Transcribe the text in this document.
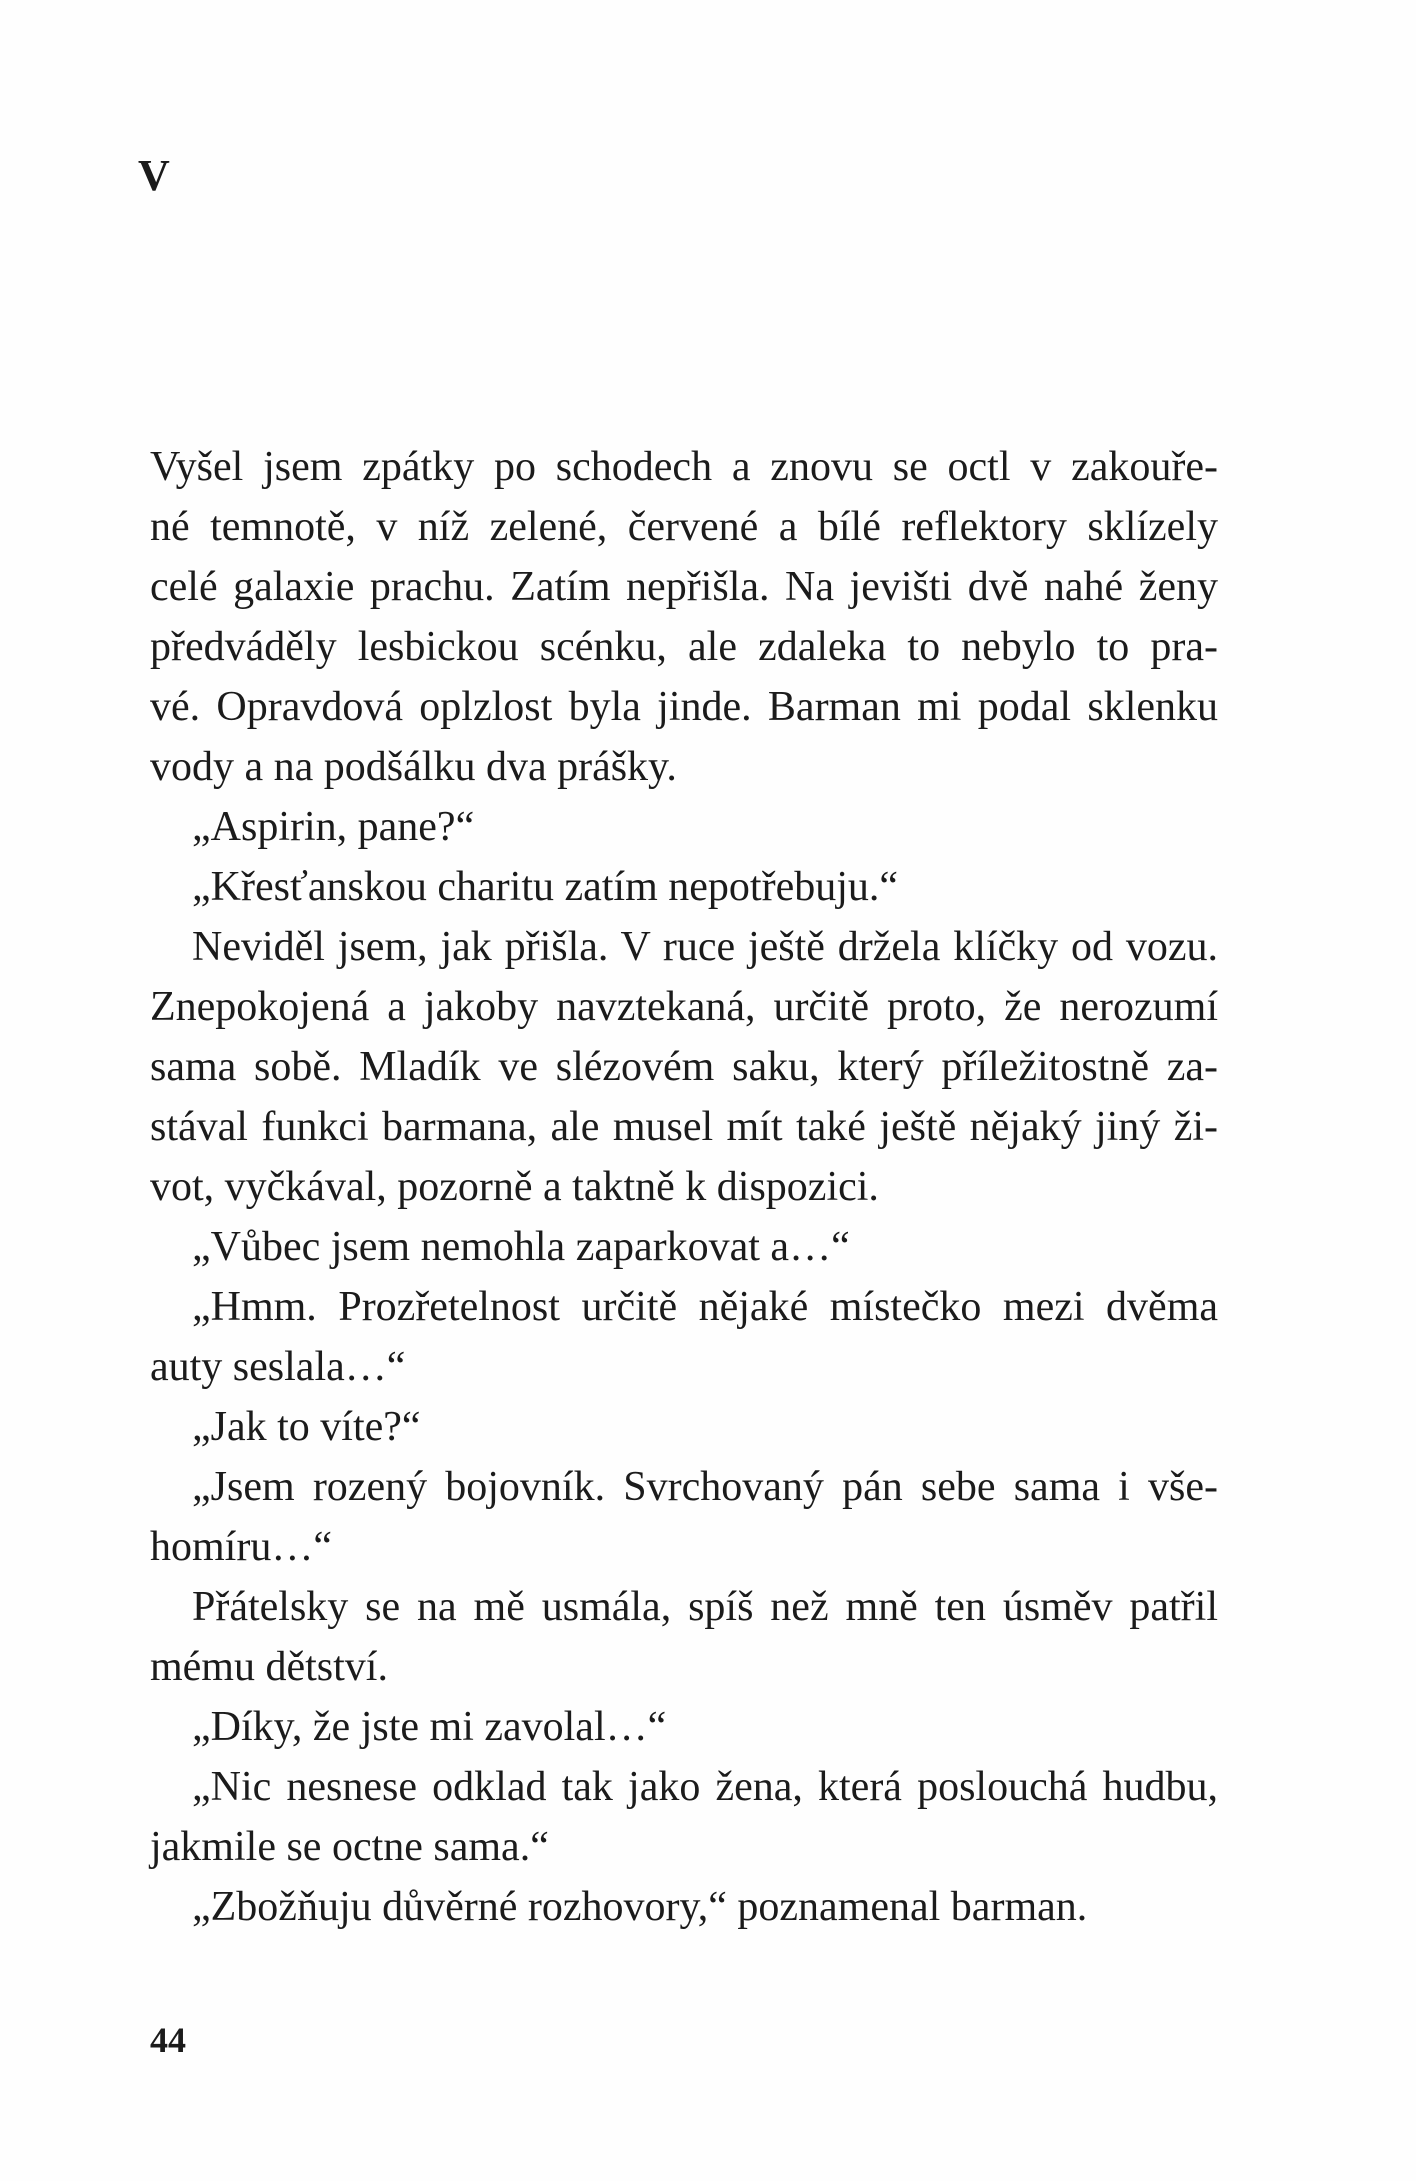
V
Vyšel jsem zpátky po schodech a znovu se octl v zakouře-
né temnotě, v níž zelené, červené a bílé reflektory sklízely
celé galaxie prachu. Zatím nepřišla. Na jevišti dvě nahé ženy
předváděly lesbickou scénku, ale zdaleka to nebylo to pra-
vé. Opravdová oplzlost byla jinde. Barman mi podal sklenku
vody a na podšálku dva prášky.
„Aspirin, pane?“
„Křesťanskou charitu zatím nepotřebuju.“
Neviděl jsem, jak přišla. V ruce ještě držela klíčky od vozu.
Znepokojená a jakoby navztekaná, určitě proto, že nerozumí
sama sobě. Mladík ve slézovém saku, který příležitostně za-
stával funkci barmana, ale musel mít také ještě nějaký jiný ži-
vot, vyčkával, pozorně a taktně k dispozici.
„Vůbec jsem nemohla zaparkovat a…“
„Hmm. Prozřetelnost určitě nějaké místečko mezi dvěma
auty seslala…“
„Jak to víte?“
„Jsem rozený bojovník. Svrchovaný pán sebe sama i vše-
homíru…“
Přátelsky se na mě usmála, spíš než mně ten úsměv patřil
mému dětství.
„Díky, že jste mi zavolal…“
„Nic nesnese odklad tak jako žena, která poslouchá hudbu,
jakmile se octne sama.“
„Zbožňuju důvěrné rozhovory,“ poznamenal barman.
44
